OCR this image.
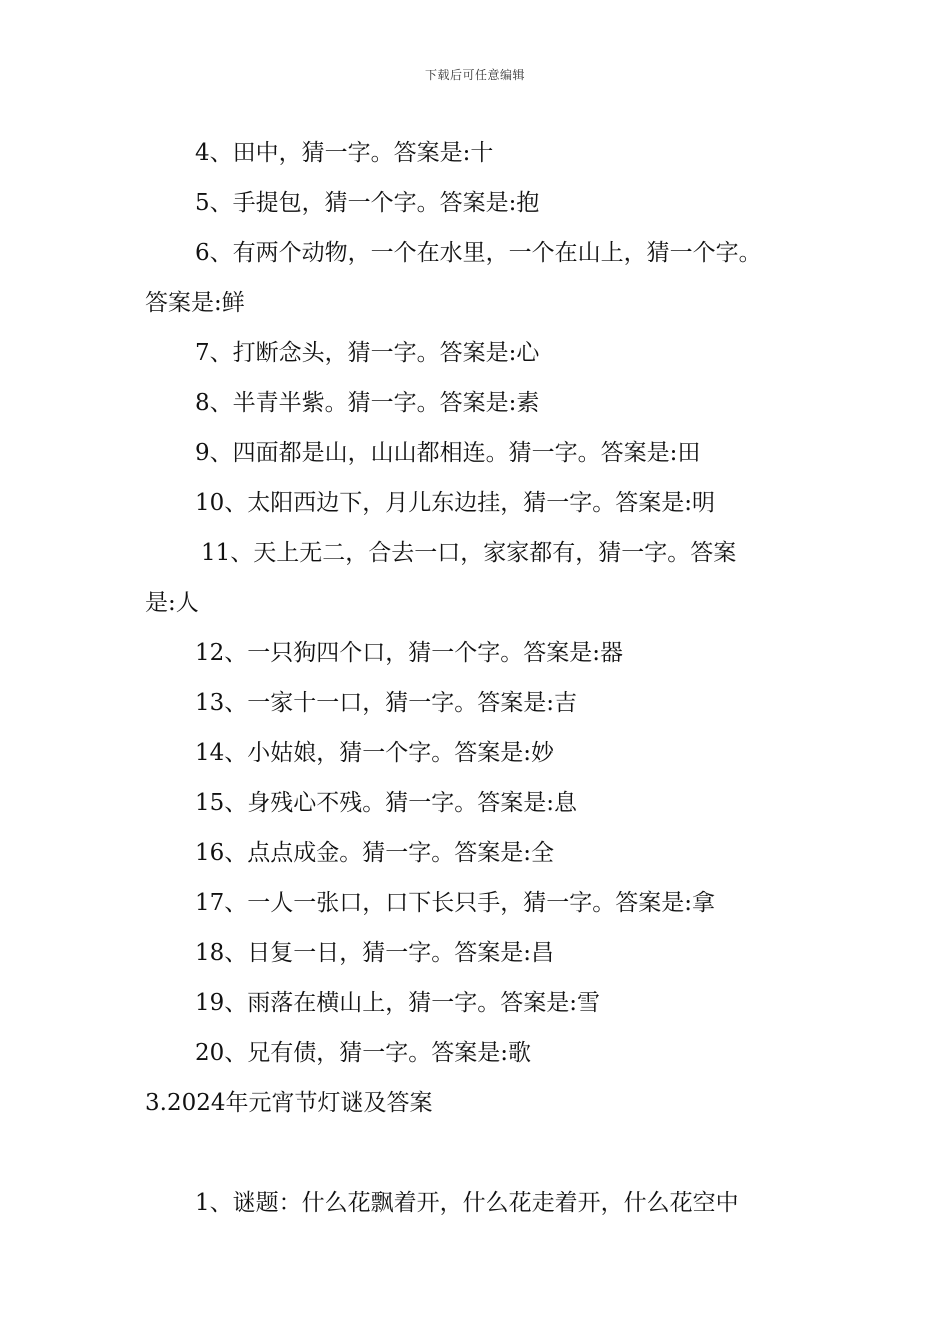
下载后可任意编辑
4、田中，猜一字。答案是:十
5、手提包，猜一个字。答案是:抱
6、有两个动物，一个在水里，一个在山上，猜一个字。
答案是:鲜
7、打断念头，猜一字。答案是:心
8、半青半紫。猜一字。答案是:素
9、四面都是山，山山都相连。猜一字。答案是:田
10、太阳西边下，月儿东边挂，猜一字。答案是:明
11、天上无二，合去一口，家家都有，猜一字。答案
是:人
12、一只狗四个口，猜一个字。答案是:器
13、一家十一口，猜一字。答案是:吉
14、小姑娘，猜一个字。答案是:妙
15、身残心不残。猜一字。答案是:息
16、点点成金。猜一字。答案是:全
17、一人一张口，口下长只手，猜一字。答案是:拿
18、日复一日，猜一字。答案是:昌
19、雨落在横山上，猜一字。答案是:雪
20、兄有债，猜一字。答案是:歌
3.2024年元宵节灯谜及答案
1、谜题：什么花飘着开，什么花走着开，什么花空中
